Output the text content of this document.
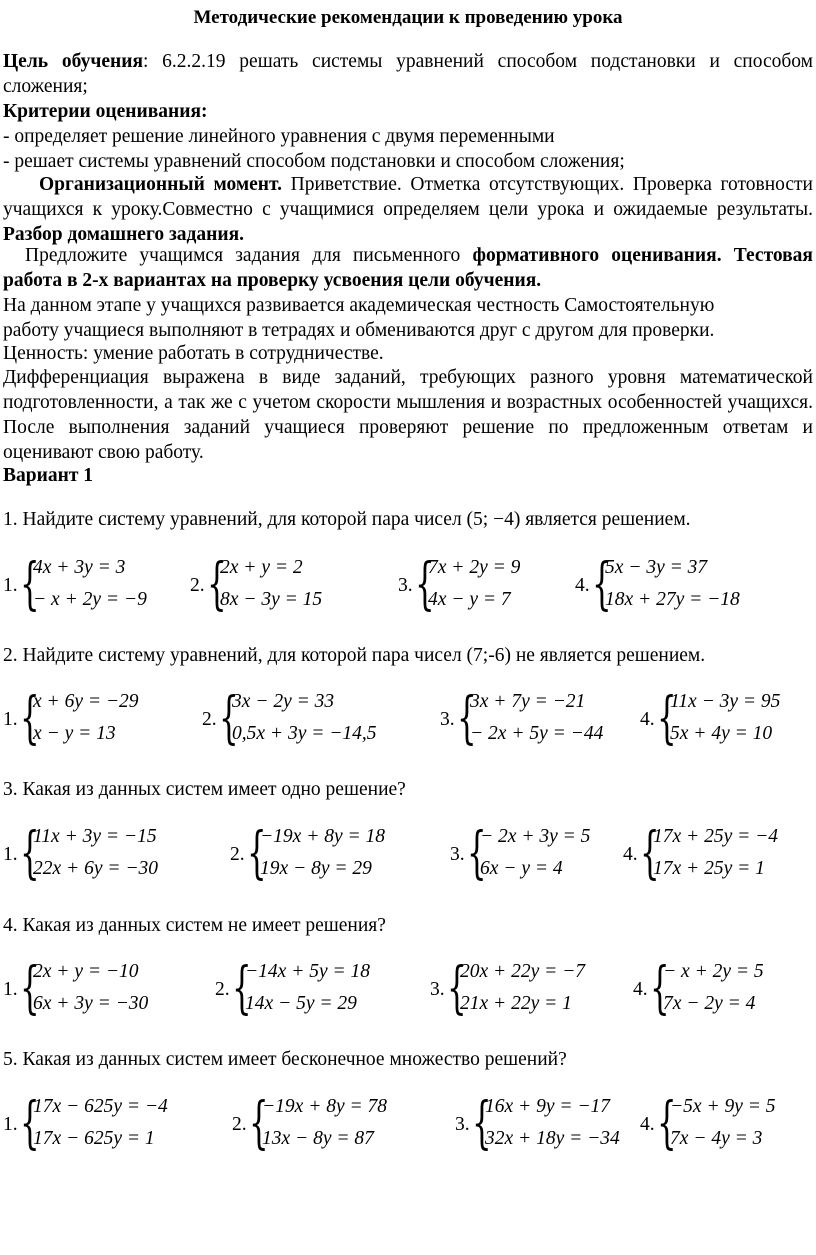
Методические рекомендации к проведению урока
Цель обучения: 6.2.2.19 решать системы уравнений способом подстановки и способом сложения;
Критерии оценивания:
- определяет решение линейного уравнения с двумя переменными
- решает системы уравнений способом подстановки и способом сложения;
Организационный момент. Приветствие. Отметка отсутствующих. Проверка готовности учащихся к уроку.Совместно с учащимися определяем цели урока и ожидаемые результаты. Разбор домашнего задания.
Предложите учащимся задания для письменного формативного оценивания. Тестовая работа в 2-х вариантах на проверку усвоения цели обучения.
На данном этапе у учащихся развивается академическая честность Самостоятельную работу учащиеся выполняют в тетрадях и обмениваются друг с другом для проверки.
Ценность: умение работать в сотрудничестве.
Дифференциация выражена в виде заданий, требующих разного уровня математической подготовленности, а так же с учетом скорости мышления и возрастных особенностей учащихся. После выполнения заданий учащиеся проверяют решение по предложенным ответам и оценивают свою работу.
Вариант 1
1. Найдите систему уравнений, для которой пара чисел (5; −4) является решением.
1. {
4x + 3y = 3
− x + 2y = −9
2. {
2x + y = 2
8x − 3y = 15
3. {
7x + 2y = 9
4x − y = 7
4. {
5x − 3y = 37
18x + 27y = −18
2. Найдите систему уравнений, для которой пара чисел (7;-6) не является решением.
1. {
x + 6y = −29
x − y = 13
2. {
3x − 2y = 33
0,5x + 3y = −14,5
3. {
3x + 7y = −21
− 2x + 5y = −44
4. {
11x − 3y = 95
5x + 4y = 10
3. Какая из данных систем имеет одно решение?
1. {
11x + 3y = −15
22x + 6y = −30
2. {
−19x + 8y = 18
19x − 8y = 29
3. {
− 2x + 3y = 5
6x − y = 4
4. {
17x + 25y = −4
17x + 25y = 1
4. Какая из данных систем не имеет решения?
1. {
2x + y = −10
6x + 3y = −30
2. {
−14x + 5y = 18
14x − 5y = 29
3. {
20x + 22y = −7
21x + 22y = 1
4. {
− x + 2y = 5
7x − 2y = 4
5. Какая из данных систем имеет бесконечное множество решений?
1. {
17x − 625y = −4
17x − 625y = 1
2. {
−19x + 8y = 78
13x − 8y = 87
3. {
16x + 9y = −17
32x + 18y = −34
4. {
−5x + 9y = 5
7x − 4y = 3
